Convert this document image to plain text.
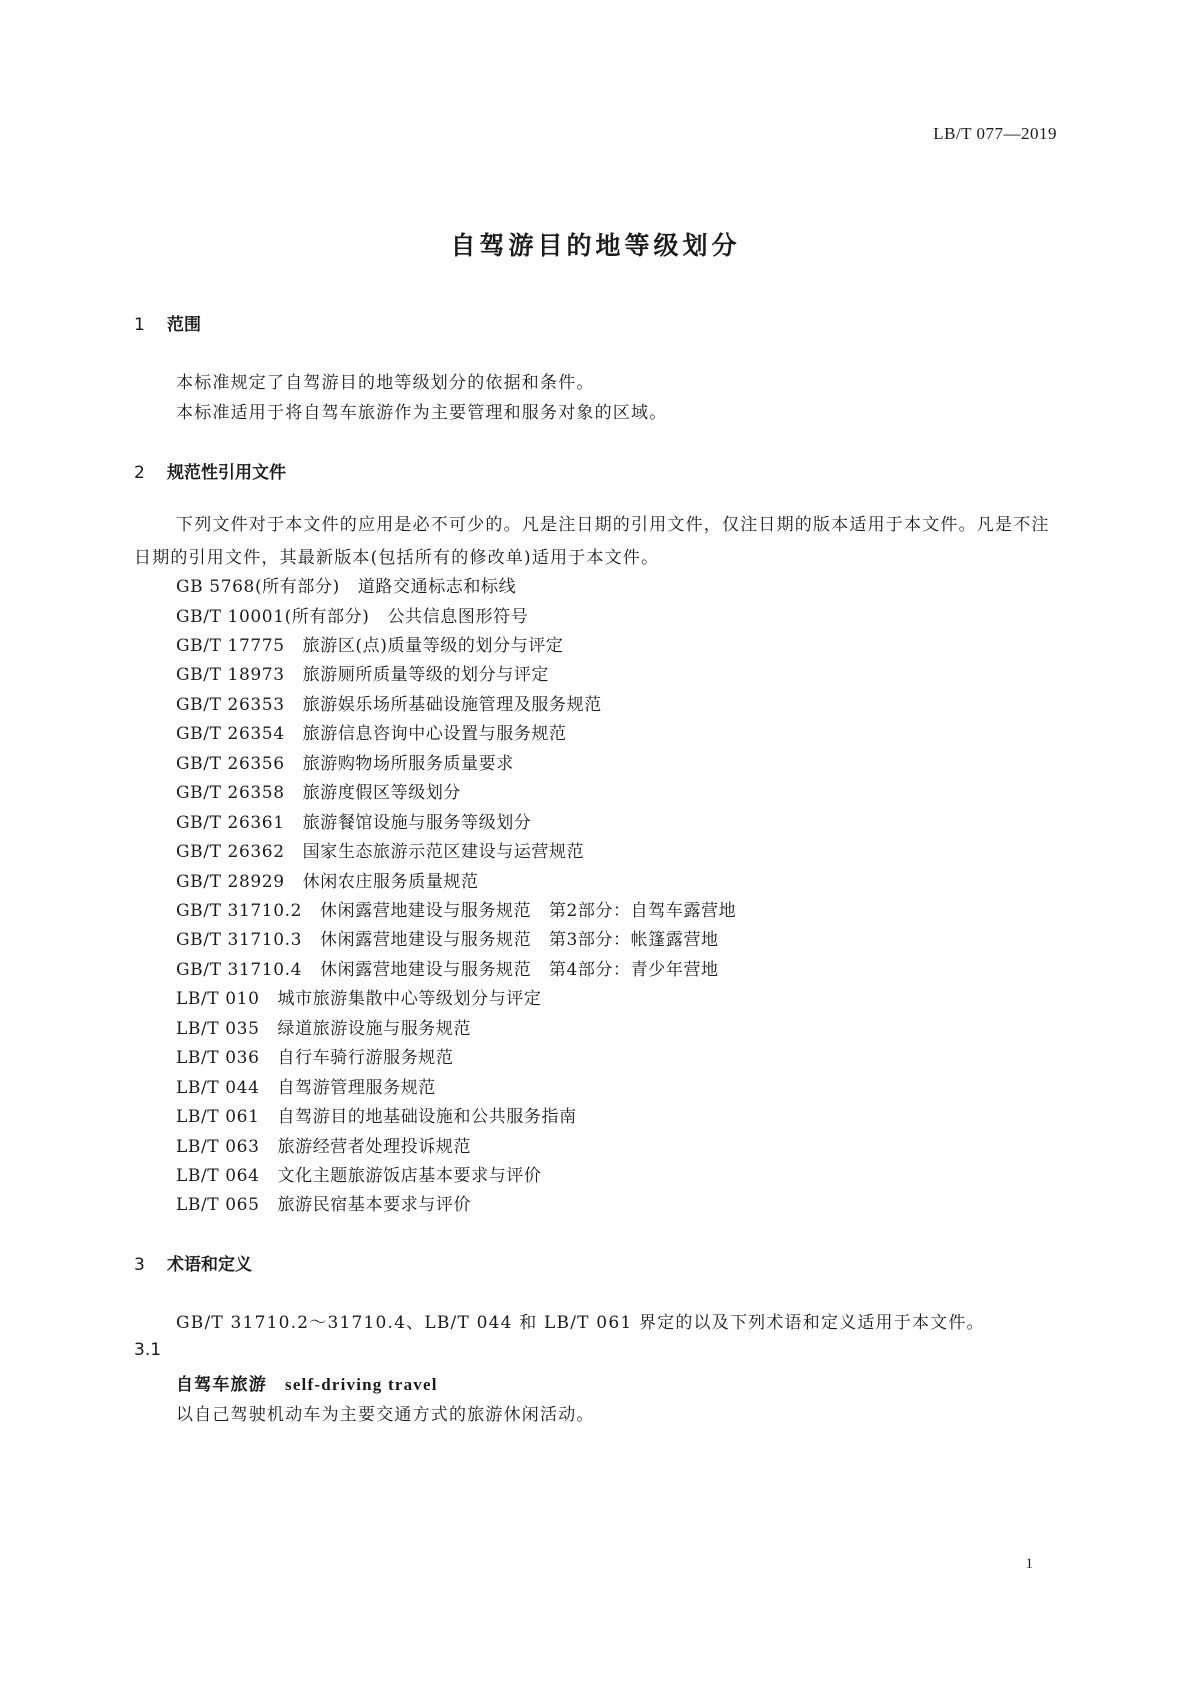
LB/T 077—2019
自驾游目的地等级划分
1 范围
本标准规定了自驾游目的地等级划分的依据和条件。
本标准适用于将自驾车旅游作为主要管理和服务对象的区域。
2 规范性引用文件
下列文件对于本文件的应用是必不可少的。凡是注日期的引用文件，仅注日期的版本适用于本文件。凡是不注日期的引用文件，其最新版本(包括所有的修改单)适用于本文件。
GB 5768(所有部分) 道路交通标志和标线
GB/T 10001(所有部分) 公共信息图形符号
GB/T 17775 旅游区(点)质量等级的划分与评定
GB/T 18973 旅游厕所质量等级的划分与评定
GB/T 26353 旅游娱乐场所基础设施管理及服务规范
GB/T 26354 旅游信息咨询中心设置与服务规范
GB/T 26356 旅游购物场所服务质量要求
GB/T 26358 旅游度假区等级划分
GB/T 26361 旅游餐馆设施与服务等级划分
GB/T 26362 国家生态旅游示范区建设与运营规范
GB/T 28929 休闲农庄服务质量规范
GB/T 31710.2 休闲露营地建设与服务规范　第2部分：自驾车露营地
GB/T 31710.3 休闲露营地建设与服务规范　第3部分：帐篷露营地
GB/T 31710.4 休闲露营地建设与服务规范　第4部分：青少年营地
LB/T 010 城市旅游集散中心等级划分与评定
LB/T 035 绿道旅游设施与服务规范
LB/T 036 自行车骑行游服务规范
LB/T 044 自驾游管理服务规范
LB/T 061 自驾游目的地基础设施和公共服务指南
LB/T 063 旅游经营者处理投诉规范
LB/T 064 文化主题旅游饭店基本要求与评价
LB/T 065 旅游民宿基本要求与评价
3 术语和定义
GB/T 31710.2～31710.4、LB/T 044 和 LB/T 061 界定的以及下列术语和定义适用于本文件。
3.1
自驾车旅游 self-driving travel
以自己驾驶机动车为主要交通方式的旅游休闲活动。
1
